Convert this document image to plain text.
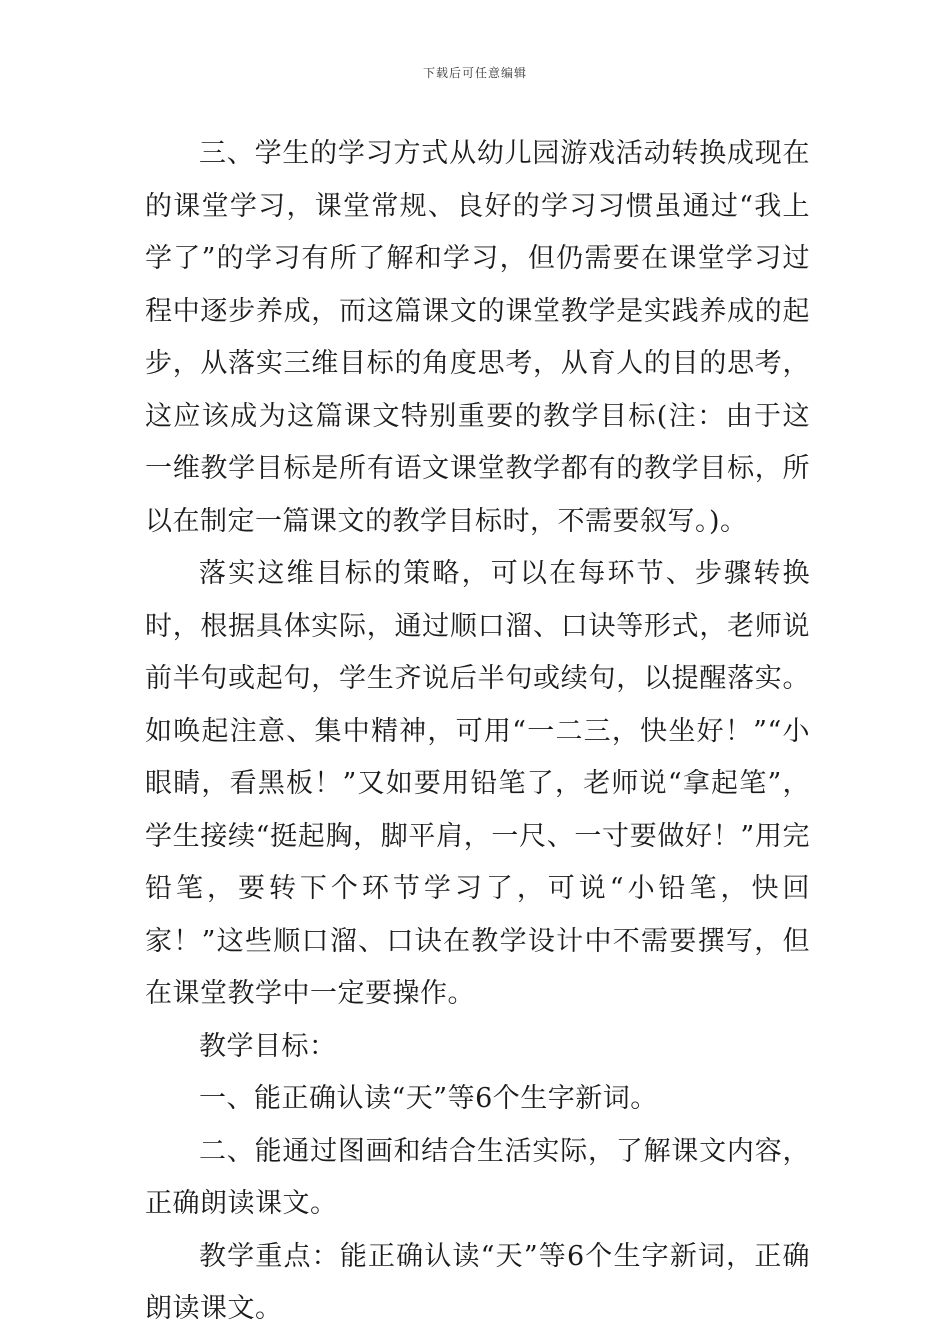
下载后可任意编辑

三、学生的学习方式从幼儿园游戏活动转换成现在的课堂学习，课堂常规、良好的学习习惯虽通过“我上学了”的学习有所了解和学习，但仍需要在课堂学习过程中逐步养成，而这篇课文的课堂教学是实践养成的起步，从落实三维目标的角度思考，从育人的目的思考，这应该成为这篇课文特别重要的教学目标(注：由于这一维教学目标是所有语文课堂教学都有的教学目标，所以在制定一篇课文的教学目标时，不需要叙写。)。

落实这维目标的策略，可以在每环节、步骤转换时，根据具体实际，通过顺口溜、口诀等形式，老师说前半句或起句，学生齐说后半句或续句，以提醒落实。如唤起注意、集中精神，可用“一二三，快坐好！”“小眼睛，看黑板！”又如要用铅笔了，老师说“拿起笔”，学生接续“挺起胸，脚平肩，一尺、一寸要做好！”用完铅笔，要转下个环节学习了，可说“小铅笔，快回家！”这些顺口溜、口诀在教学设计中不需要撰写，但在课堂教学中一定要操作。

教学目标：

一、能正确认读“天”等6个生字新词。

二、能通过图画和结合生活实际，了解课文内容，正确朗读课文。

教学重点：能正确认读“天”等6个生字新词，正确朗读课文。
